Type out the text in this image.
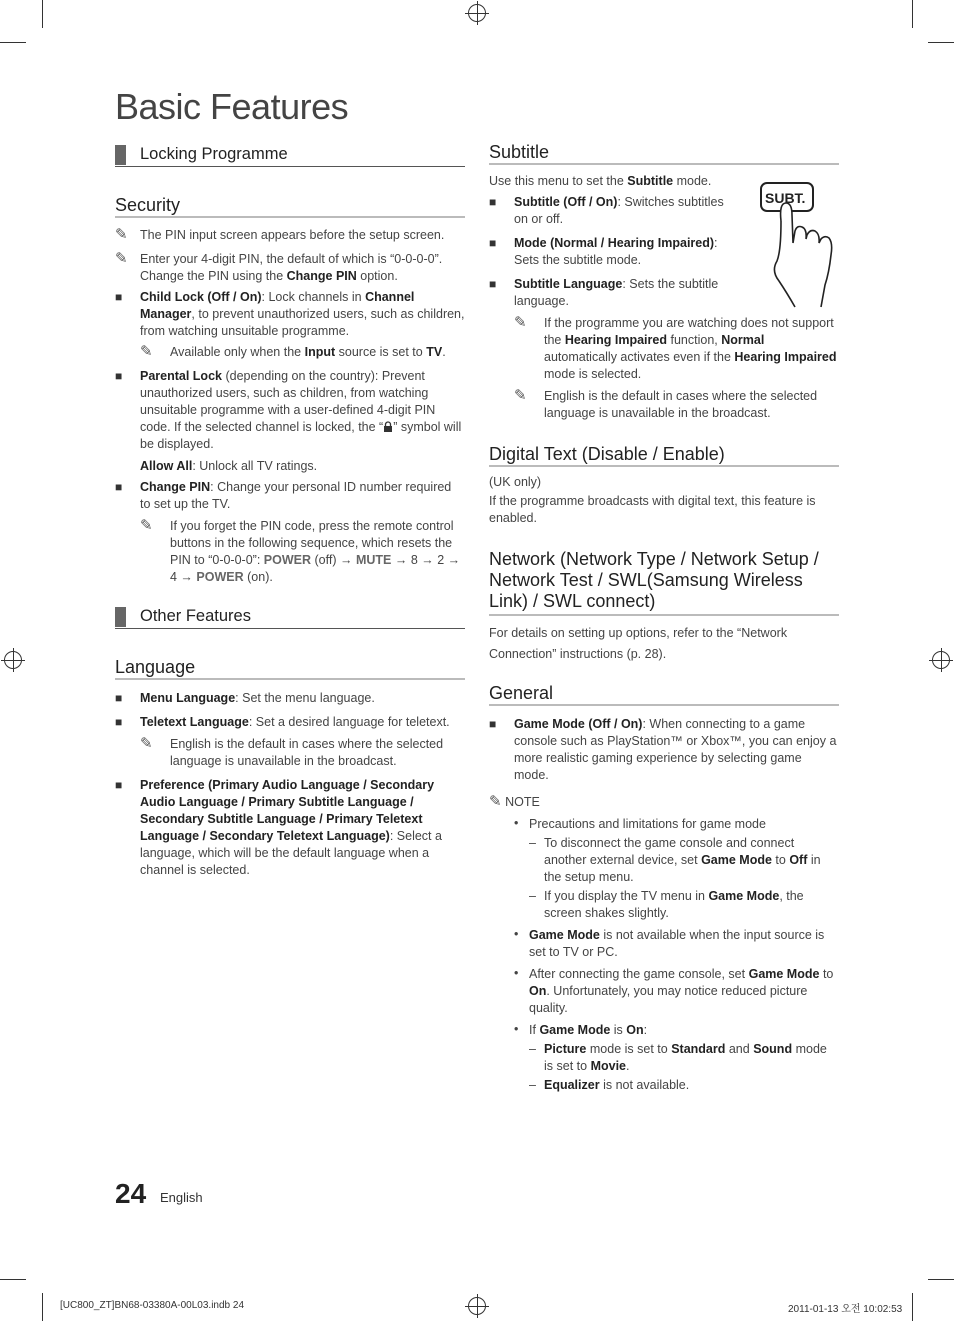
Basic Features
Locking Programme
Security
✎ The PIN input screen appears before the setup screen.
✎ Enter your 4-digit PIN, the default of which is “0-0-0-0”. Change the PIN using the Change PIN option.
■ Child Lock (Off / On): Lock channels in Channel Manager, to prevent unauthorized users, such as children, from watching unsuitable programme.
✎ Available only when the Input source is set to TV.
■ Parental Lock (depending on the country): Prevent unauthorized users, such as children, from watching unsuitable programme with a user-defined 4-digit PIN code. If the selected channel is locked, the “ ” symbol will be displayed.
Allow All: Unlock all TV ratings.
■ Change PIN: Change your personal ID number required to set up the TV.
✎ If you forget the PIN code, press the remote control buttons in the following sequence, which resets the PIN to “0-0-0-0”: POWER (off) → MUTE → 8 → 2 → 4 → POWER (on).
Other Features
Language
■ Menu Language: Set the menu language.
■ Teletext Language: Set a desired language for teletext.
✎ English is the default in cases where the selected language is unavailable in the broadcast.
■ Preference (Primary Audio Language / Secondary Audio Language / Primary Subtitle Language / Secondary Subtitle Language / Primary Teletext Language / Secondary Teletext Language): Select a language, which will be the default language when a channel is selected.
Subtitle
SUBT.
Use this menu to set the Subtitle mode.
■ Subtitle (Off / On): Switches subtitles on or off.
■ Mode (Normal / Hearing Impaired): Sets the subtitle mode.
■ Subtitle Language: Sets the subtitle language.
✎ If the programme you are watching does not support the Hearing Impaired function, Normal automatically activates even if the Hearing Impaired mode is selected.
✎ English is the default in cases where the selected language is unavailable in the broadcast.
Digital Text (Disable / Enable)
(UK only)
If the programme broadcasts with digital text, this feature is enabled.
Network (Network Type / Network Setup / Network Test / SWL(Samsung Wireless Link) / SWL connect)
For details on setting up options, refer to the “Network Connection” instructions (p. 28).
General
■ Game Mode (Off / On): When connecting to a game console such as PlayStation™ or Xbox™, you can enjoy a more realistic gaming experience by selecting game mode.
✎ NOTE
• Precautions and limitations for game mode
– To disconnect the game console and connect another external device, set Game Mode to Off in the setup menu.
– If you display the TV menu in Game Mode, the screen shakes slightly.
• Game Mode is not available when the input source is set to TV or PC.
• After connecting the game console, set Game Mode to On. Unfortunately, you may notice reduced picture quality.
• If Game Mode is On:
– Picture mode is set to Standard and Sound mode is set to Movie.
– Equalizer is not available.
24 English
[UC800_ZT]BN68-03380A-00L03.indb 24	2011-01-13 오전 10:02:53
